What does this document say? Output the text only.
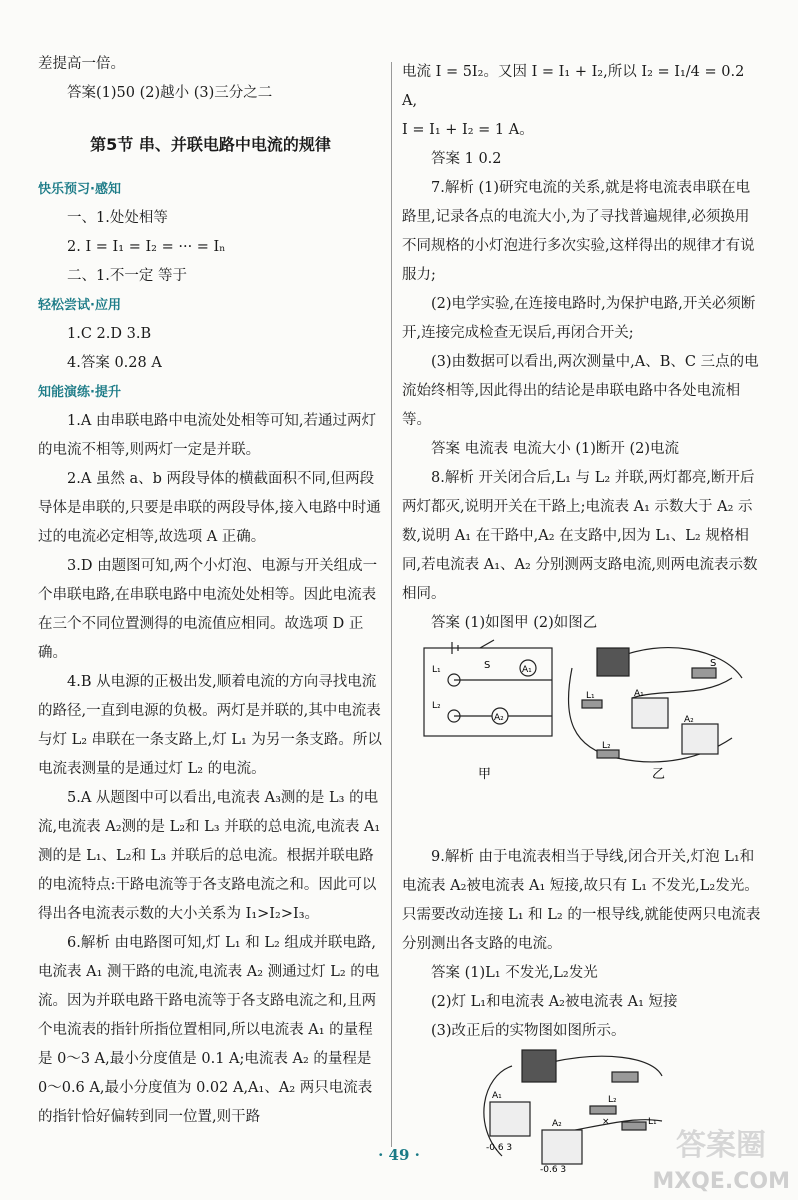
差提高一倍。

答案(1)50 (2)越小 (3)三分之二

第5节 串、并联电路中电流的规律

快乐预习·感知

一、1.处处相等

2. I = I₁ = I₂ = ··· = Iₙ

二、1.不一定 等于

轻松尝试·应用

1.C 2.D 3.B

4.答案 0.28 A

知能演练·提升

1.A 由串联电路中电流处处相等可知,若通过两灯的电流不相等,则两灯一定是并联。

2.A 虽然 a、b 两段导体的横截面积不同,但两段导体是串联的,只要是串联的两段导体,接入电路中时通过的电流必定相等,故选项 A 正确。

3.D 由题图可知,两个小灯泡、电源与开关组成一个串联电路,在串联电路中电流处处相等。因此电流表在三个不同位置测得的电流值应相同。故选项 D 正确。

4.B 从电源的正极出发,顺着电流的方向寻找电流的路径,一直到电源的负极。两灯是并联的,其中电流表与灯 L₂ 串联在一条支路上,灯 L₁ 为另一条支路。所以电流表测量的是通过灯 L₂ 的电流。

5.A 从题图中可以看出,电流表 A₃测的是 L₃ 的电流,电流表 A₂测的是 L₂和 L₃ 并联的总电流,电流表 A₁测的是 L₁、L₂和 L₃ 并联后的总电流。根据并联电路的电流特点:干路电流等于各支路电流之和。因此可以得出各电流表示数的大小关系为 I₁>I₂>I₃。

6.解析 由电路图可知,灯 L₁ 和 L₂ 组成并联电路,电流表 A₁ 测干路的电流,电流表 A₂ 测通过灯 L₂ 的电流。因为并联电路干路电流等于各支路电流之和,且两个电流表的指针所指位置相同,所以电流表 A₁ 的量程是 0～3 A,最小分度值是 0.1 A;电流表 A₂ 的量程是 0～0.6 A,最小分度值为 0.02 A,A₁、A₂ 两只电流表的指针恰好偏转到同一位置,则干路

电流 I = 5I₂。又因 I = I₁ + I₂,所以 I₂ = I₁/4 = 0.2 A,

I = I₁ + I₂ = 1 A。

答案 1 0.2

7.解析 (1)研究电流的关系,就是将电流表串联在电路里,记录各点的电流大小,为了寻找普遍规律,必须换用不同规格的小灯泡进行多次实验,这样得出的规律才有说服力;

(2)电学实验,在连接电路时,为保护电路,开关必须断开,连接完成检查无误后,再闭合开关;

(3)由数据可以看出,两次测量中,A、B、C 三点的电流始终相等,因此得出的结论是串联电路中各处电流相等。

答案 电流表 电流大小 (1)断开 (2)电流

8.解析 开关闭合后,L₁ 与 L₂ 并联,两灯都亮,断开后两灯都灭,说明开关在干路上;电流表 A₁ 示数大于 A₂ 示数,说明 A₁ 在干路中,A₂ 在支路中,因为 L₁、L₂ 规格相同,若电流表 A₁、A₂ 分别测两支路电流,则两电流表示数相同。

答案 (1)如图甲 (2)如图乙

S	A₁
A₂
L₁
L₂
甲
S
A₁
A₂
L₁
L₂
乙

9.解析 由于电流表相当于导线,闭合开关,灯泡 L₁和电流表 A₂被电流表 A₁ 短接,故只有 L₁ 不发光,L₂发光。只需要改动连接 L₁ 和 L₂ 的一根导线,就能使两只电流表分别测出各支路的电流。

答案 (1)L₁ 不发光,L₂发光

(2)灯 L₁和电流表 A₂被电流表 A₁ 短接

(3)改正后的实物图如图所示。

A₁
A₂
L₂
L₁
-0.6 3
-0.6 3
×
· 49 ·	答案圈
MXQE.COM
